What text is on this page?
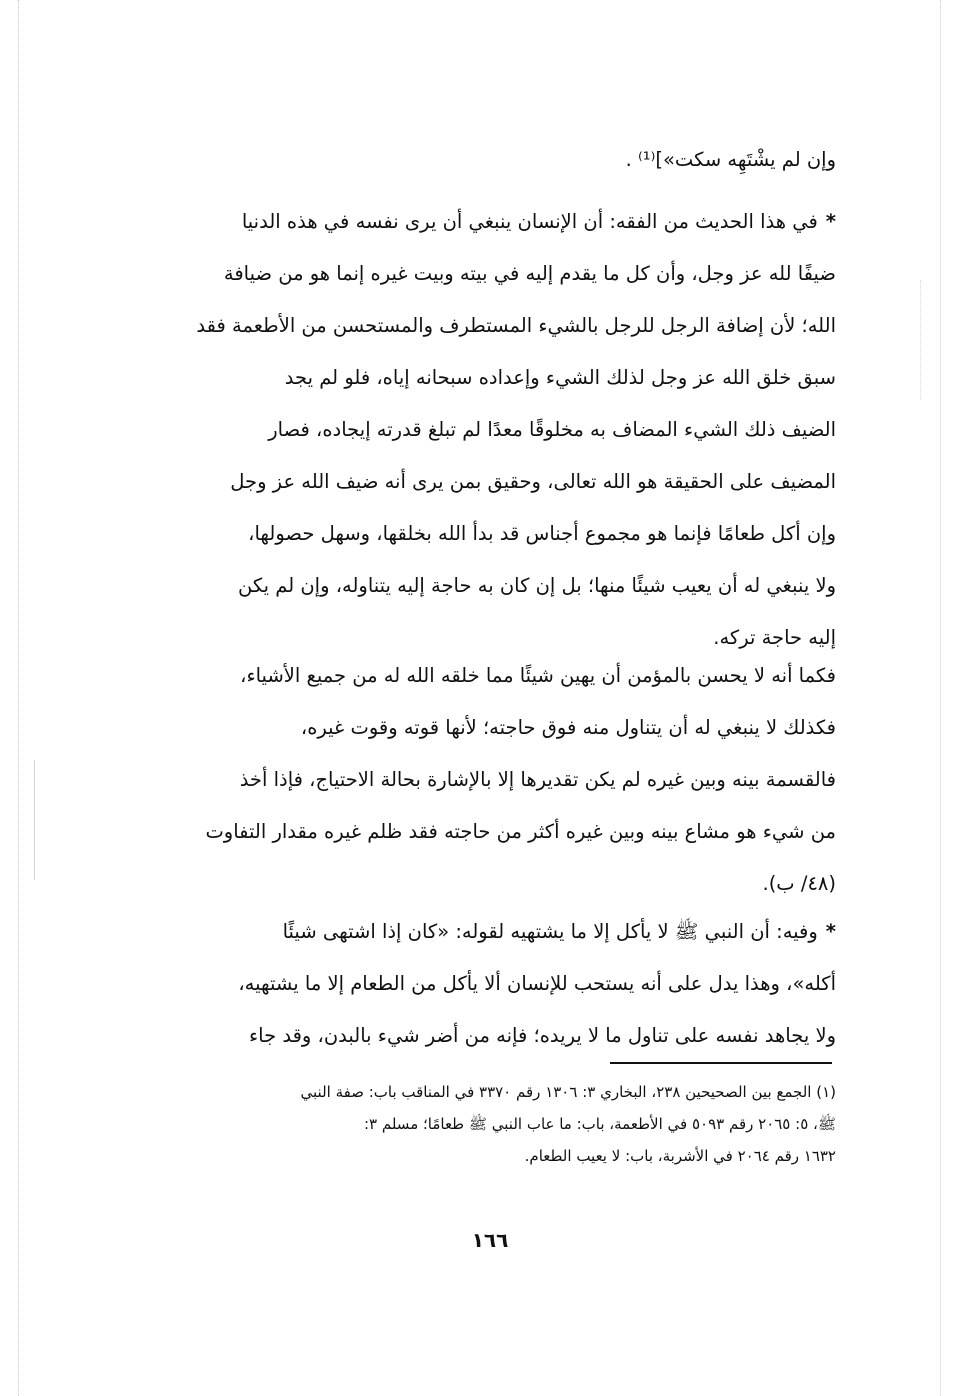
وإن لم يشْتَهِه سكت»]⁽¹⁾ .
*في هذا الحديث من الفقه: أن الإنسان ينبغي أن يرى نفسه في هذه الدنيا
ضيفًا لله عز وجل، وأن كل ما يقدم إليه في بيته وبيت غيره إنما هو من ضيافة
الله؛ لأن إضافة الرجل للرجل بالشيء المستطرف والمستحسن من الأطعمة فقد
سبق خلق الله عز وجل لذلك الشيء وإعداده سبحانه إياه، فلو لم يجد
الضيف ذلك الشيء المضاف به مخلوقًا معدًا لم تبلغ قدرته إيجاده، فصار
المضيف على الحقيقة هو الله تعالى، وحقيق بمن يرى أنه ضيف الله عز وجل
وإن أكل طعامًا فإنما هو مجموع أجناس قد بدأ الله بخلقها، وسهل حصولها،
ولا ينبغي له أن يعيب شيئًا منها؛ بل إن كان به حاجة إليه يتناوله، وإن لم يكن
إليه حاجة تركه.
فكما أنه لا يحسن بالمؤمن أن يهين شيئًا مما خلقه الله له من جميع الأشياء،
فكذلك لا ينبغي له أن يتناول منه فوق حاجته؛ لأنها قوته وقوت غيره،
فالقسمة بينه وبين غيره لم يكن تقديرها إلا بالإشارة بحالة الاحتياج، فإذا أخذ
من شيء هو مشاع بينه وبين غيره أكثر من حاجته فقد ظلم غيره مقدار التفاوت
(٤٨/ ب).
*وفيه: أن النبي ﷺ لا يأكل إلا ما يشتهيه لقوله: «كان إذا اشتهى شيئًا
أكله»، وهذا يدل على أنه يستحب للإنسان ألا يأكل من الطعام إلا ما يشتهيه،
ولا يجاهد نفسه على تناول ما لا يريده؛ فإنه من أضر شيء بالبدن، وقد جاء
(١) الجمع بين الصحيحين ٢٣٨، البخاري ٣: ١٣٠٦ رقم ٣٣٧٠ في المناقب باب: صفة النبي
ﷺ، ٥: ٢٠٦٥ رقم ٥٠٩٣ في الأطعمة، باب: ما عاب النبي ﷺ طعامًا؛ مسلم ٣:
١٦٣٢ رقم ٢٠٦٤ في الأشربة، باب: لا يعيب الطعام.
١٦٦
